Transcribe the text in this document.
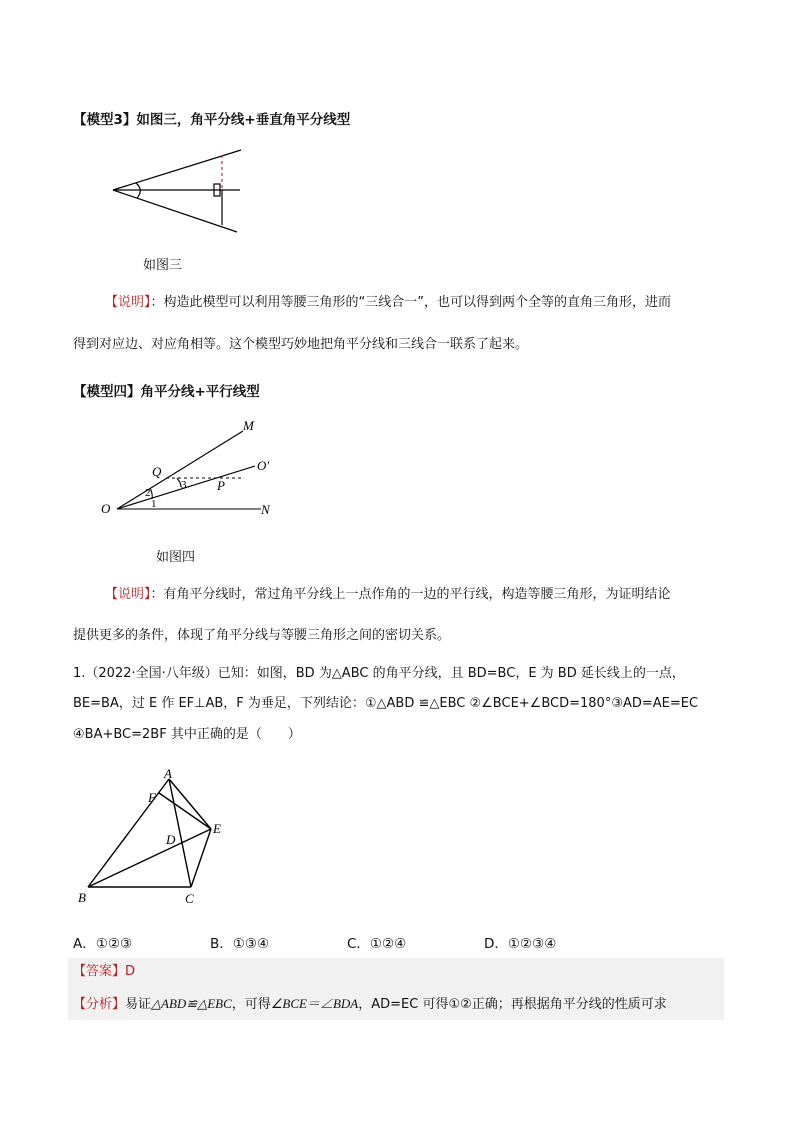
【模型3】如图三，角平分线+垂直角平分线型
如图三
【说明】：构造此模型可以利用等腰三角形的“三线合一”，也可以得到两个全等的直角三角形，进而
得到对应边、对应角相等。这个模型巧妙地把角平分线和三线合一联系了起来。
【模型四】角平分线+平行线型
M
O'
Q
P
O	N
1
2
3
如图四
【说明】：有角平分线时，常过角平分线上一点作角的一边的平行线，构造等腰三角形，为证明结论
提供更多的条件，体现了角平分线与等腰三角形之间的密切关系。
1.（2022·全国·八年级）已知：如图，BD 为△ABC 的角平分线，且 BD=BC，E 为 BD 延长线上的一点，
BE=BA，过 E 作 EF⊥AB，F 为垂足，下列结论：①△ABD ≌△EBC ②∠BCE+∠BCD=180°③AD=AE=EC
④BA+BC=2BF 其中正确的是（　　）
A
F
E
D
B	C
A．①②③	B．①③④	C．①②④	D．①②③④
【答案】D
【分析】易证△ABD≌△EBC，可得∠BCE＝∠BDA，AD=EC 可得①②正确；再根据角平分线的性质可求
